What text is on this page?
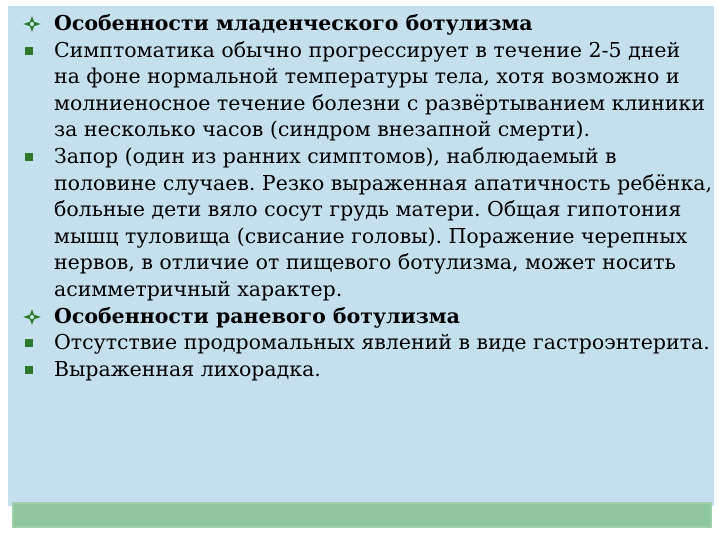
Особенности младенческого ботулизма
Симптоматика обычно прогрессирует в течение 2-5 дней на фоне нормальной температуры тела, хотя возможно и молниеносное течение болезни с развёртыванием клиники за несколько часов (синдром внезапной смерти).
Запор (один из ранних симптомов), наблюдаемый в половине случаев. Резко выраженная апатичность ребёнка, больные дети вяло сосут грудь матери. Общая гипотония мышц туловища (свисание головы). Поражение черепных нервов, в отличие от пищевого ботулизма, может носить асимметричный характер.
Особенности раневого ботулизма
Отсутствие продромальных явлений в виде гастроэнтерита.
Выраженная лихорадка.
